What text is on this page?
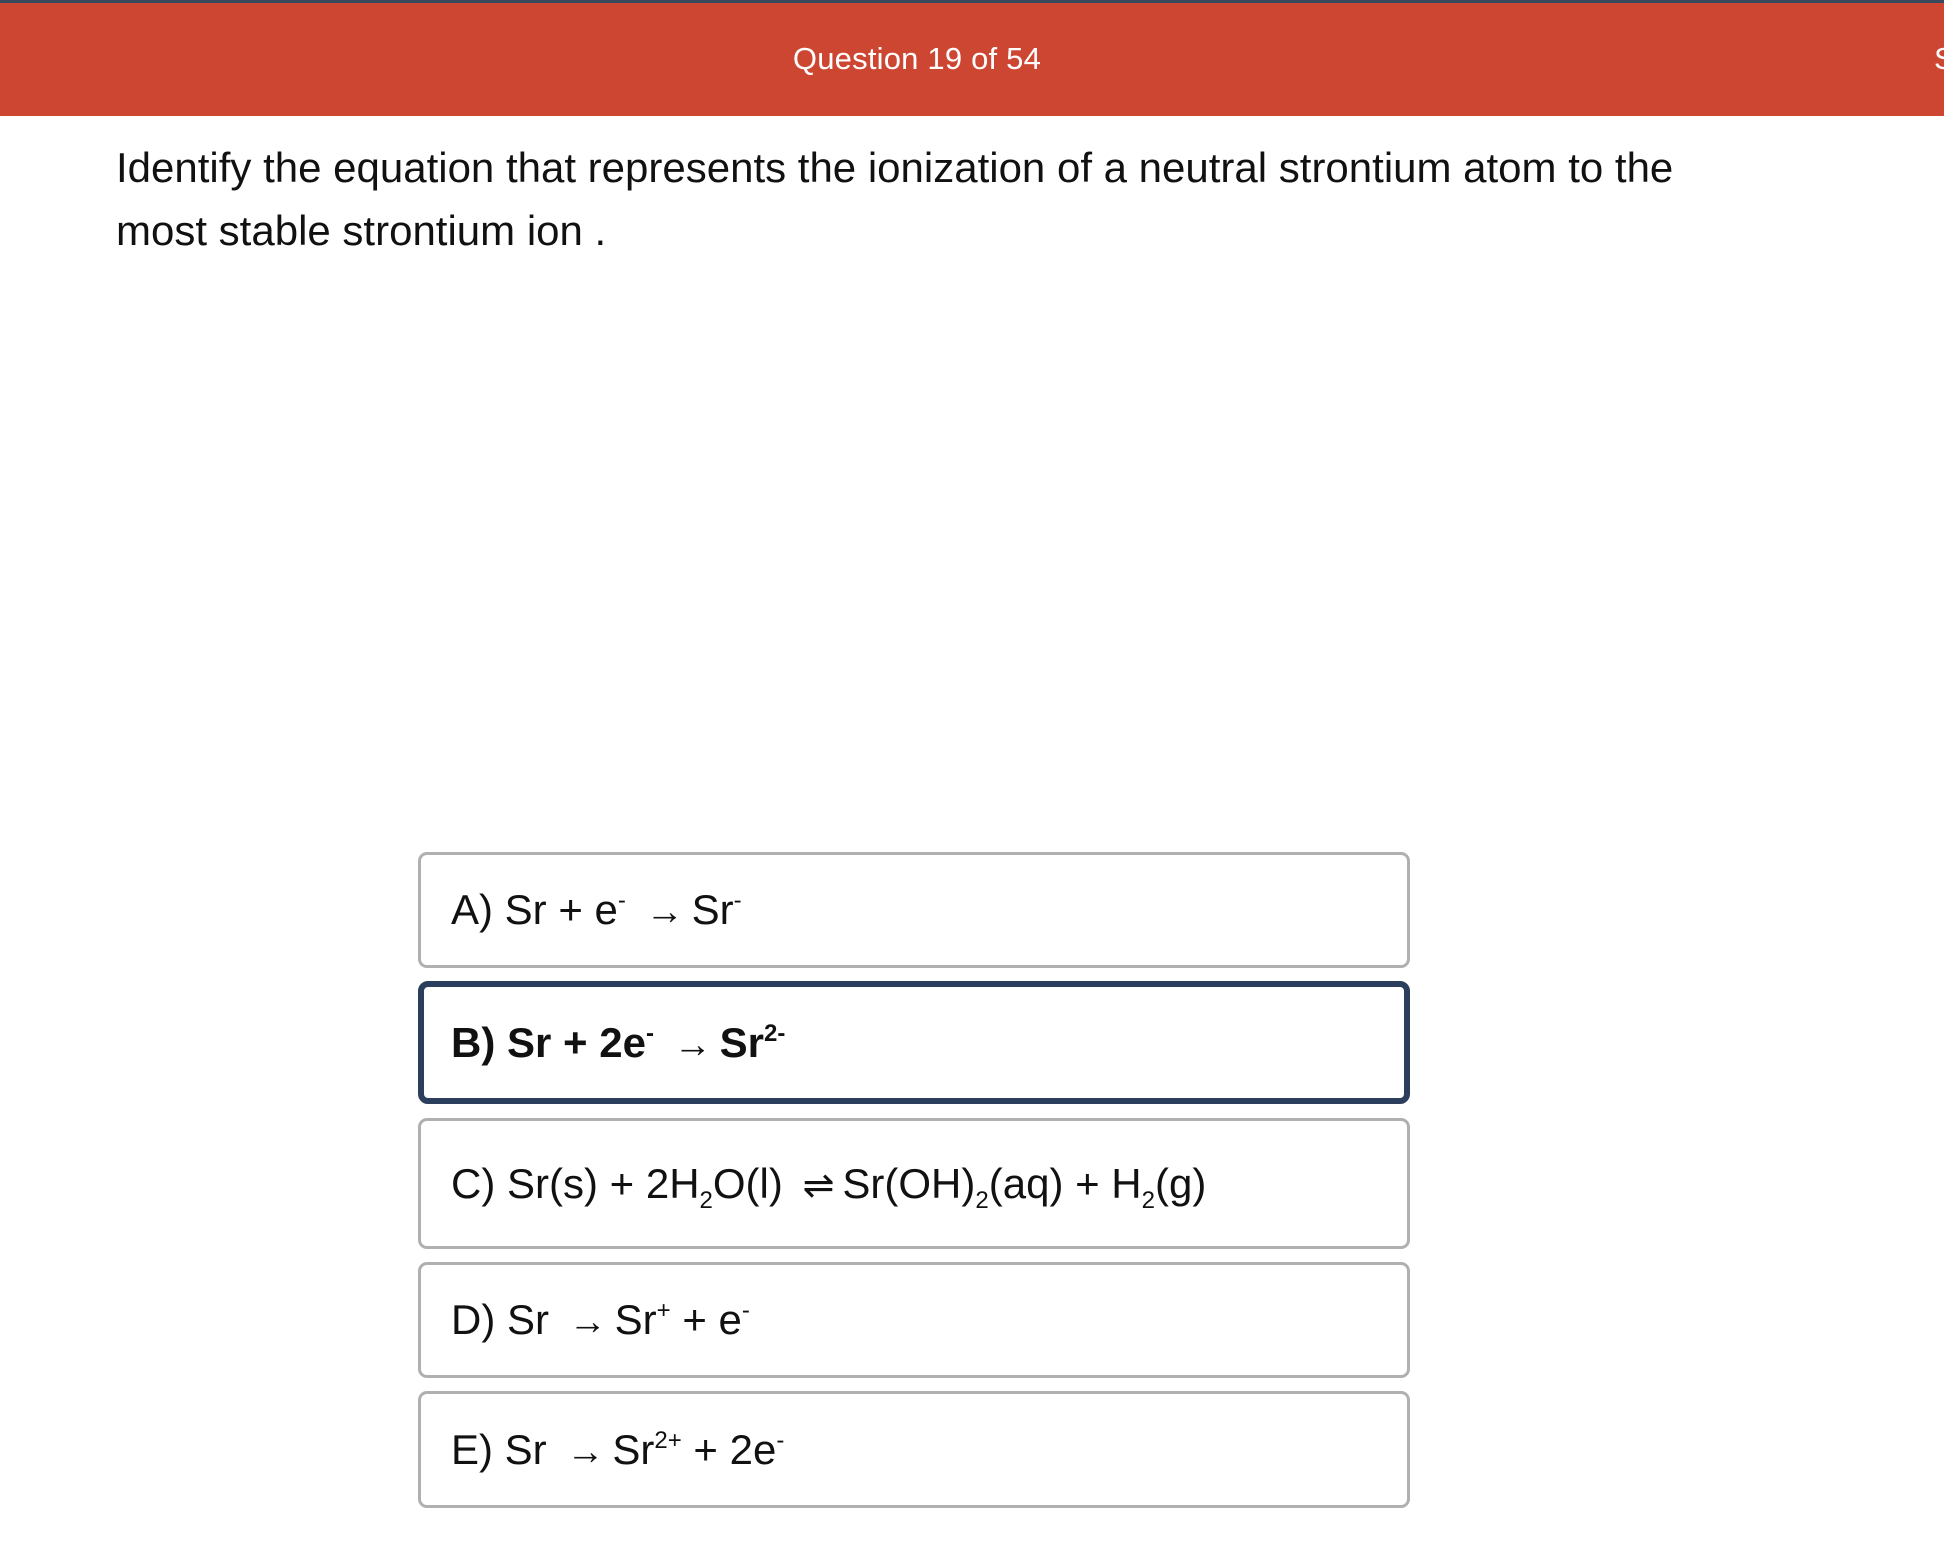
Question 19 of 54	S
Identify the equation that represents the ionization of a neutral strontium atom to the most stable strontium ion .
A) Sr + e- → Sr-
B) $Sr + 2e^- \to Sr^{2-}$
C) $Sr(s) + 2H_2O(l)$ ⇌ $Sr(OH)_2(aq) + H_2(g)$
D) Sr → Sr+ + e-
E) $Sr \to Sr^{2+} + 2e^-$
